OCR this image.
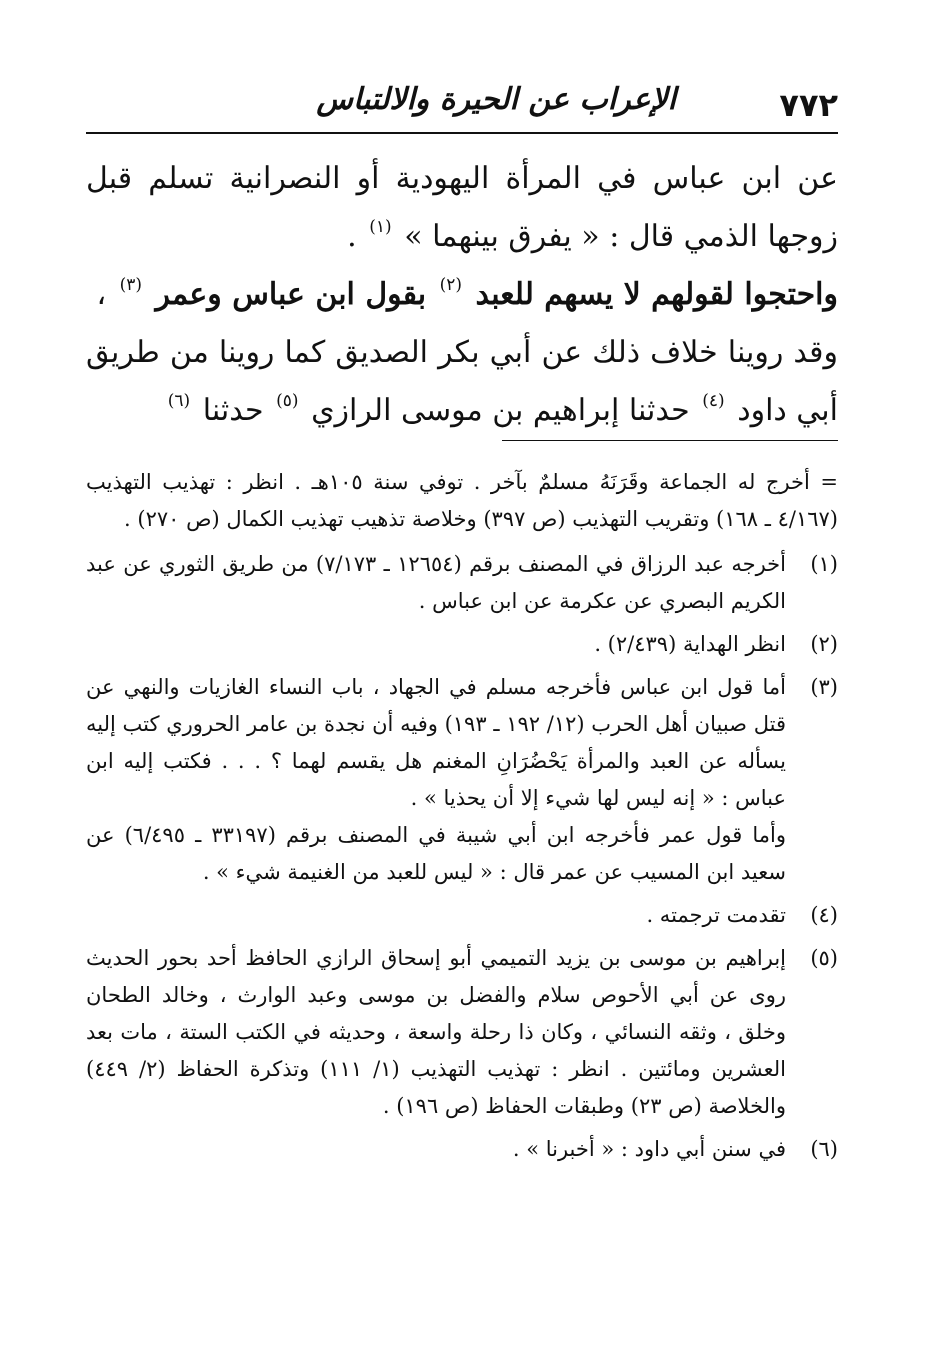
٧٧٢
الإعراب عن الحيرة والالتباس

عن ابن عباس في المرأة اليهودية أو النصرانية تسلم قبل زوجها الذمي قال : « يفرق بينهما » $^{(١)}$ .

واحتجوا لقولهم لا يسهم للعبد $^{(٢)}$ بقول ابن عباس وعمر $^{(٣)}$ ،

وقد روينا خلاف ذلك عن أبي بكر الصديق كما روينا من طريق أبي داود $^{(٤)}$ حدثنا إبراهيم بن موسى الرازي $^{(٥)}$ حدثنا $^{(٦)}$

= أخرج له الجماعة وقَرَنَهُ مسلمٌ بآخر . توفي سنة ١٠٥هـ . انظر : تهذيب التهذيب (٤/١٦٧ ـ ١٦٨) وتقريب التهذيب (ص ٣٩٧) وخلاصة تذهيب تهذيب الكمال (ص ٢٧٠) .

(١)

أخرجه عبد الرزاق في المصنف برقم (١٢٦٥٤ ـ ٧/١٧٣) من طريق الثوري عن عبد الكريم البصري عن عكرمة عن ابن عباس .

(٢)

انظر الهداية (٢/٤٣٩) .

(٣)

أما قول ابن عباس فأخرجه مسلم في الجهاد ، باب النساء الغازيات والنهي عن قتل صبيان أهل الحرب (١٢/ ١٩٢ ـ ١٩٣) وفيه أن نجدة بن عامر الحروري كتب إليه يسأله عن العبد والمرأة يَحْضُرَانِ المغنم هل يقسم لهما ؟ . . . فكتب إليه ابن عباس : « إنه ليس لها شيء إلا أن يحذيا » .

وأما قول عمر فأخرجه ابن أبي شيبة في المصنف برقم (٣٣١٩٧ ـ ٦/٤٩٥) عن سعيد ابن المسيب عن عمر قال : « ليس للعبد من الغنيمة شيء » .

(٤)

تقدمت ترجمته .

(٥)

إبراهيم بن موسى بن يزيد التميمي أبو إسحاق الرازي الحافظ أحد بحور الحديث روى عن أبي الأحوص سلام والفضل بن موسى وعبد الوارث ، وخالد الطحان وخلق ، وثقه النسائي ، وكان ذا رحلة واسعة ، وحديثه في الكتب الستة ، مات بعد العشرين ومائتين . انظر : تهذيب التهذيب (١/ ١١١) وتذكرة الحفاظ (٢/ ٤٤٩) والخلاصة (ص ٢٣) وطبقات الحفاظ (ص ١٩٦) .

(٦)

في سنن أبي داود : « أخبرنا » .
